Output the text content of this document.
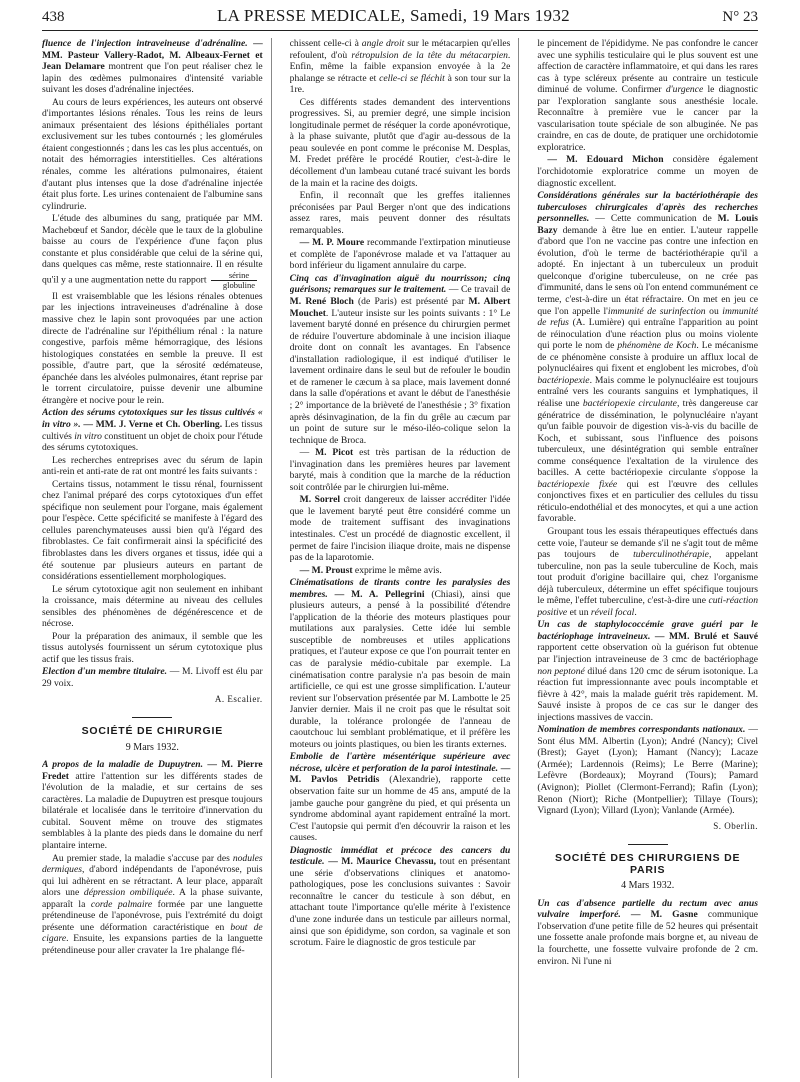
438	LA PRESSE MEDICALE, Samedi, 19 Mars 1932	N° 23

fluence de l'injection intraveineuse d'adrénaline. — MM. Pasteur Vallery-Radot, M. Albeaux-Fernet et Jean Delamare montrent que l'on peut réaliser chez le lapin des œdèmes pulmonaires d'intensité variable suivant les doses d'adrénaline injectées.

Au cours de leurs expériences, les auteurs ont observé d'importantes lésions rénales. Tous les reins de leurs animaux présentaient des lésions épithéliales portant exclusivement sur les tubes contournés ; les glomérules étaient congestionnés ; dans les cas les plus accentués, on notait des hémorragies interstitielles. Ces altérations rénales, comme les altérations pulmonaires, étaient d'autant plus intenses que la dose d'adrénaline injectée était plus forte. Les urines contenaient de l'albumine sans cylindrurie.

L'étude des albumines du sang, pratiquée par MM. Machebœuf et Sandor, décèle que le taux de la globuline baisse au cours de l'expérience d'une façon plus constante et plus considérable que celui de la sérine qui, dans quelques cas même, reste stationnaire. Il en résulte qu'il y a une augmentation nette du rapport $\frac{\text{sérine}}{\text{globuline}}$

Il est vraisemblable que les lésions rénales obtenues par les injections intraveineuses d'adrénaline à dose massive chez le lapin sont provoquées par une action directe de l'adrénaline sur l'épithélium rénal : la nature congestive, parfois même hémorragique, des lésions histologiques constatées en semble la preuve. Il est possible, d'autre part, que la sérosité œdémateuse, épanchée dans les alvéoles pulmonaires, étant reprise par le torrent circulatoire, puisse devenir une albumine étrangère et nocive pour le rein.

Action des sérums cytotoxiques sur les tissus cultivés « in vitro ». — MM. J. Verne et Ch. Oberling. Les tissus cultivés in vitro constituent un objet de choix pour l'étude des sérums cytotoxiques.

Les recherches entreprises avec du sérum de lapin anti-rein et anti-rate de rat ont montré les faits suivants :

Certains tissus, notamment le tissu rénal, fournissent chez l'animal préparé des corps cytotoxiques d'un effet spécifique non seulement pour l'organe, mais également pour l'espèce. Cette spécificité se manifeste à l'égard des cellules parenchymateuses aussi bien qu'à l'égard des fibroblastes. Ce fait confirmerait ainsi la spécificité des fibroblastes dans les divers organes et tissus, idée qui a été soutenue par plusieurs auteurs en partant de considérations essentiellement morphologiques.

Le sérum cytotoxique agit non seulement en inhibant la croissance, mais détermine au niveau des cellules sensibles des phénomènes de dégénérescence et de nécrose.

Pour la préparation des animaux, il semble que les tissus autolysés fournissent un sérum cytotoxique plus actif que les tissus frais.

Election d'un membre titulaire. — M. Livoff est élu par 29 voix.

A. Escalier.

SOCIÉTÉ DE CHIRURGIE
9 Mars 1932.

A propos de la maladie de Dupuytren. — M. Pierre Fredet attire l'attention sur les différents stades de l'évolution de la maladie, et sur certains de ses caractères. La maladie de Dupuytren est presque toujours bilatérale et localisée dans le territoire d'innervation du cubital. Souvent même on trouve des stigmates semblables à la plante des pieds dans le domaine du nerf plantaire interne.

Au premier stade, la maladie s'accuse par des nodules dermiques, d'abord indépendants de l'aponévrose, puis qui lui adhèrent en se rétractant. A leur place, apparaît alors une dépression ombiliquée. A la phase suivante, apparaît la corde palmaire formée par une languette prétendineuse de l'aponévrose, puis l'extrémité du doigt présente une déformation caractéristique en bout de cigare. Ensuite, les expansions parties de la languette prétendineuse pour aller cravater la 1re phalange flé-

chissent celle-ci à angle droit sur le métacarpien qu'elles refoulent, d'où rétropulsion de la tête du métacarpien. Enfin, même la faible expansion envoyée à la 2e phalange se rétracte et celle-ci se fléchit à son tour sur la 1re.

Ces différents stades demandent des interventions progressives. Si, au premier degré, une simple incision longitudinale permet de réséquer la corde aponévrotique, à la phase suivante, plutôt que d'agir au-dessous de la peau soulevée en pont comme le préconise M. Desplas, M. Fredet préfère le procédé Routier, c'est-à-dire le décollement d'un lambeau cutané tracé suivant les bords de la main et la racine des doigts.

Enfin, il reconnaît que les greffes italiennes préconisées par Paul Berger n'ont que des indications assez rares, mais peuvent donner des résultats remarquables.

— M. P. Moure recommande l'extirpation minutieuse et complète de l'aponévrose malade et va l'attaquer au bord inférieur du ligament annulaire du carpe.

Cinq cas d'invagination aiguë du nourrisson; cinq guérisons; remarques sur le traitement. — Ce travail de M. René Bloch (de Paris) est présenté par M. Albert Mouchet. L'auteur insiste sur les points suivants : 1° Le lavement baryté donné en présence du chirurgien permet de réduire l'ouverture abdominale à une incision iliaque droite dont on connaît les avantages. En l'absence d'installation radiologique, il est indiqué d'utiliser le lavement ordinaire dans le seul but de refouler le boudin et de ramener le cæcum à sa place, mais lavement donné dans la salle d'opérations et avant le début de l'anesthésie ; 2° importance de la brièveté de l'anesthésie ; 3° fixation après désinvagination, de la fin du grêle au cæcum par un point de suture sur le méso-iléo-colique selon la technique de Broca.

— M. Picot est très partisan de la réduction de l'invagination dans les premières heures par lavement baryté, mais à condition que la marche de la réduction soit contrôlée par le chirurgien lui-même.

M. Sorrel croit dangereux de laisser accréditer l'idée que le lavement baryté peut être considéré comme un mode de traitement suffisant des invaginations intestinales. C'est un procédé de diagnostic excellent, il permet de faire l'incision iliaque droite, mais ne dispense pas de la laparotomie.

— M. Proust exprime le même avis.

Cinématisations de tirants contre les paralysies des membres. — M. A. Pellegrini (Chiasi), ainsi que plusieurs auteurs, a pensé à la possibilité d'étendre l'application de la théorie des moteurs plastiques pour mutilations aux paralysies. Cette idée lui semble susceptible de nombreuses et utiles applications pratiques, et l'auteur expose ce que l'on pourrait tenter en cas de paralysie médio-cubitale par exemple. La cinématisation contre paralysie n'a pas besoin de main artificielle, ce qui est une grosse simplification. L'auteur revient sur l'observation présentée par M. Lambotte le 25 Janvier dernier. Mais il ne croit pas que le résultat soit durable, la tolérance prolongée de l'anneau de caoutchouc lui semblant problématique, et il préfère les moteurs ou joints plastiques, ou bien les tirants externes.

Embolie de l'artère mésentérique supérieure avec nécrose, ulcère et perforation de la paroi intestinale. — M. Pavlos Petridis (Alexandrie), rapporte cette observation faite sur un homme de 45 ans, amputé de la jambe gauche pour gangrène du pied, et qui présenta un syndrome abdominal ayant rapidement entraîné la mort. C'est l'autopsie qui permit d'en découvrir la raison et les causes.

Diagnostic immédiat et précoce des cancers du testicule. — M. Maurice Chevassu, tout en présentant une série d'observations cliniques et anatomo-pathologiques, pose les conclusions suivantes : Savoir reconnaître le cancer du testicule à son début, en attachant toute l'importance qu'elle mérite à l'existence d'une zone indurée dans un testicule par ailleurs normal, ainsi que son épididyme, son cordon, sa vaginale et son scrotum. Faire le diagnostic de gros testicule par

le pincement de l'épididyme. Ne pas confondre le cancer avec une syphilis testiculaire qui le plus souvent est une affection de caractère inflammatoire, et qui dans les rares cas à type scléreux présente au contraire un testicule diminué de volume. Confirmer d'urgence le diagnostic par l'exploration sanglante sous anesthésie locale. Reconnaître à première vue le cancer par la vascularisation toute spéciale de son albuginée. Ne pas craindre, en cas de doute, de pratiquer une orchidotomie exploratrice.

— M. Edouard Michon considère également l'orchidotomie exploratrice comme un moyen de diagnostic excellent.

Considérations générales sur la bactériothérapie des tuberculoses chirurgicales d'après des recherches personnelles. — Cette communication de M. Louis Bazy demande à être lue en entier. L'auteur rappelle d'abord que l'on ne vaccine pas contre une infection en évolution, d'où le terme de bactériothérapie qu'il a adopté. En injectant à un tuberculeux un produit quelconque d'origine tuberculeuse, on ne crée pas d'immunité, dans le sens où l'on entend communément ce terme, c'est-à-dire un état réfractaire. On met en jeu ce que l'on appelle l'immunité de surinfection ou immunité de refus (A. Lumière) qui entraîne l'apparition au point de réinoculation d'une réaction plus ou moins violente qui porte le nom de phénomène de Koch. Le mécanisme de ce phénomène consiste à produire un afflux local de polynucléaires qui fixent et englobent les microbes, d'où bactériopexie. Mais comme le polynucléaire est toujours entraîné vers les courants sanguins et lymphatiques, il réalise une bactériopexie circulante, très dangereuse car génératrice de dissémination, le polynucléaire n'ayant qu'un faible pouvoir de digestion vis-à-vis du bacille de Koch, et subissant, sous l'influence des poisons tuberculeux, une désintégration qui semble entraîner comme conséquence l'exaltation de la virulence des bacilles. A cette bactériopexie circulante s'oppose la bactériopexie fixée qui est l'œuvre des cellules conjonctives fixes et en particulier des cellules du tissu réticulo-endothélial et des monocytes, et qui a une action favorable.

Groupant tous les essais thérapeutiques effectués dans cette voie, l'auteur se demande s'il ne s'agit tout de même pas toujours de tuberculinothérapie, appelant tuberculine, non pas la seule tuberculine de Koch, mais tout produit d'origine bacillaire qui, chez l'organisme déjà tuberculeux, détermine un effet spécifique toujours le même, l'effet tuberculine, c'est-à-dire une cuti-réaction positive et un réveil focal.

Un cas de staphylococcémie grave guéri par le bactériophage intraveineux. — MM. Brulé et Sauvé rapportent cette observation où la guérison fut obtenue par l'injection intraveineuse de 3 cmc de bactériophage non peptoné dilué dans 120 cmc de sérum isotonique. La réaction fut impressionnante avec pouls incomptable et fièvre à 42°, mais la malade guérit très rapidement. M. Sauvé insiste à propos de ce cas sur le danger des injections massives de vaccin.

Nomination de membres correspondants nationaux. — Sont élus MM. Albertin (Lyon); André (Nancy); Civel (Brest); Gayet (Lyon); Hamant (Nancy); Lacaze (Armée); Lardennois (Reims); Le Berre (Marine); Lefèvre (Bordeaux); Moyrand (Tours); Pamard (Avignon); Piollet (Clermont-Ferrand); Rafin (Lyon); Renon (Niort); Riche (Montpellier); Tillaye (Tours); Vignard (Lyon); Villard (Lyon); Vanlande (Armée).

S. Oberlin.

SOCIÉTÉ DES CHIRURGIENS DE PARIS
4 Mars 1932.

Un cas d'absence partielle du rectum avec anus vulvaire imperforé. — M. Gasne communique l'observation d'une petite fille de 52 heures qui présentait une fossette anale profonde mais borgne et, au niveau de la fourchette, une fossette vulvaire profonde de 2 cm. environ. Ni l'une ni
